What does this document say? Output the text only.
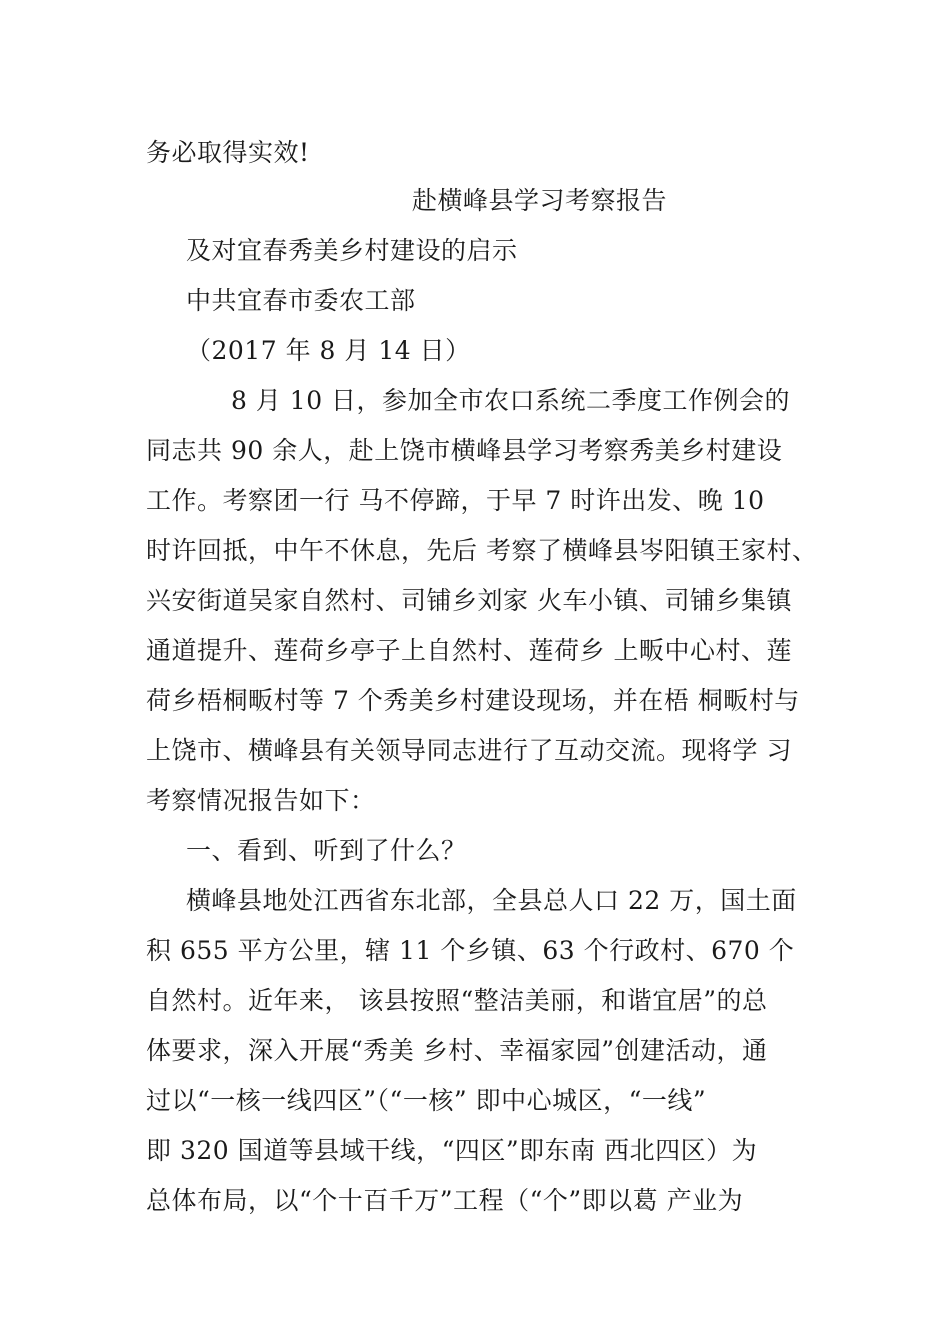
务必取得实效!
赴横峰县学习考察报告
及对宜春秀美乡村建设的启示
中共宜春市委农工部
（2017 年 8 月 14 日）
8 月 10 日，参加全市农口系统二季度工作例会的
同志共 90 余人，赴上饶市横峰县学习考察秀美乡村建设
工作。考察团一行 马不停蹄，于早 7 时许出发、晚 10
时许回抵，中午不休息，先后 考察了横峰县岑阳镇王家村、
兴安街道吴家自然村、司铺乡刘家 火车小镇、司铺乡集镇
通道提升、莲荷乡亭子上自然村、莲荷乡 上畈中心村、莲
荷乡梧桐畈村等 7 个秀美乡村建设现场，并在梧 桐畈村与
上饶市、横峰县有关领导同志进行了互动交流。现将学 习
考察情况报告如下：
一、看到、听到了什么？
横峰县地处江西省东北部，全县总人口 22 万，国土面
积 655 平方公里，辖 11 个乡镇、63 个行政村、670 个
自然村。近年来， 该县按照“整洁美丽，和谐宜居”的总
体要求，深入开展“秀美 乡村、幸福家园”创建活动，通
过以“一核一线四区”（“一核” 即中心城区，“一线”
即 320 国道等县域干线，“四区”即东南 西北四区）为
总体布局，以“个十百千万”工程（“个”即以葛 产业为
